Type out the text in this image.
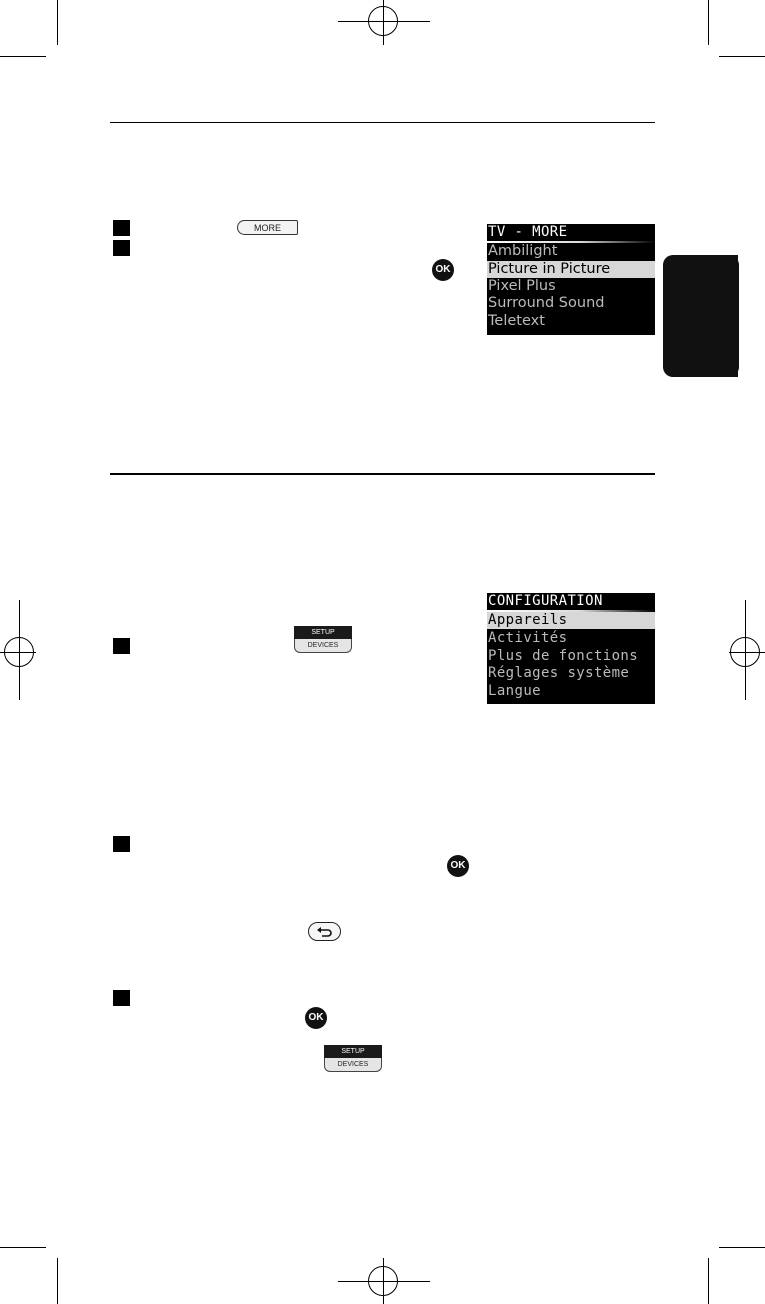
MORE
OK
TV - MORE
Ambilight
Picture in Picture
Pixel Plus
Surround Sound
Teletext
CONFIGURATION
Appareils
Activités
Plus de fonctions
Réglages système
Langue
SETUP
DEVICES
OK
OK
SETUP
DEVICES
